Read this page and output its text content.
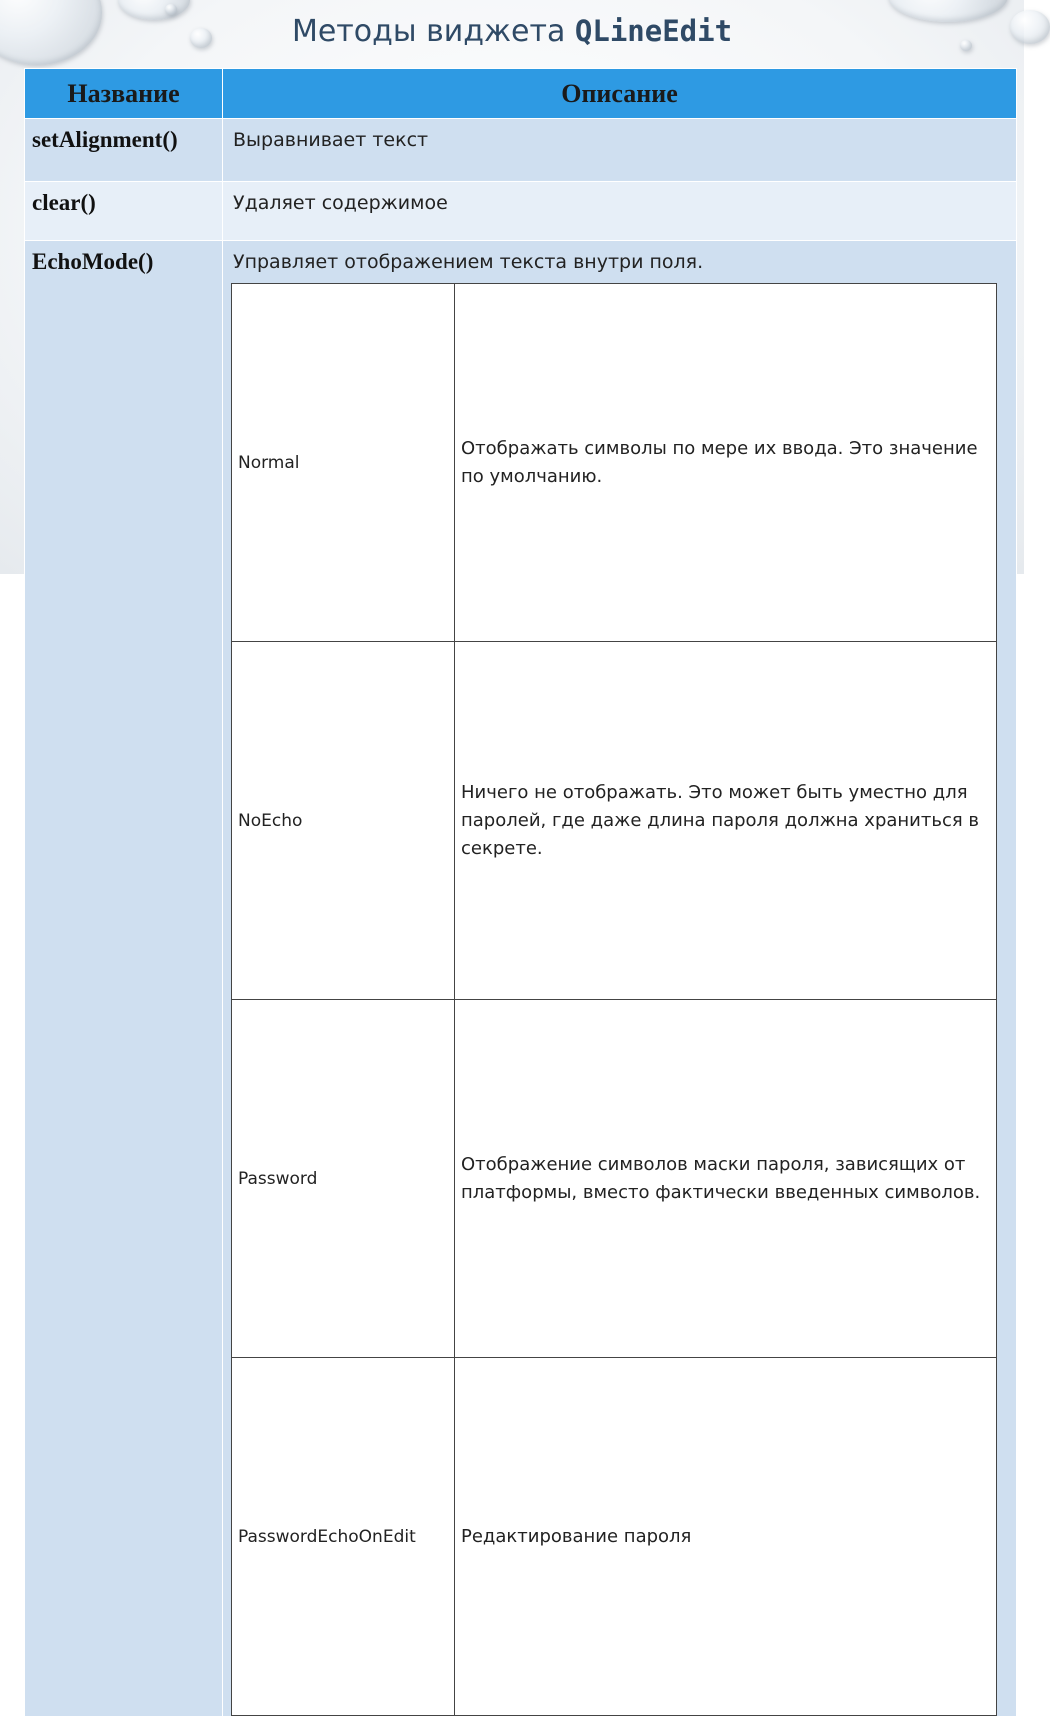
Методы виджета QLineEdit
Название	Описание
setAlignment()	Выравнивает текст
clear()	Удаляет содержимое
EchoMode()	Управляет отображением текста внутри поля.
Normal	Отображать символы по мере их ввода. Это значение по умолчанию.
NoEcho	Ничего не отображать. Это может быть уместно для паролей, где даже длина пароля должна храниться в секрете.
Password	Отображение символов маски пароля, зависящих от платформы, вместо фактически введенных символов.
PasswordEchoOnEdit	Редактирование пароля
